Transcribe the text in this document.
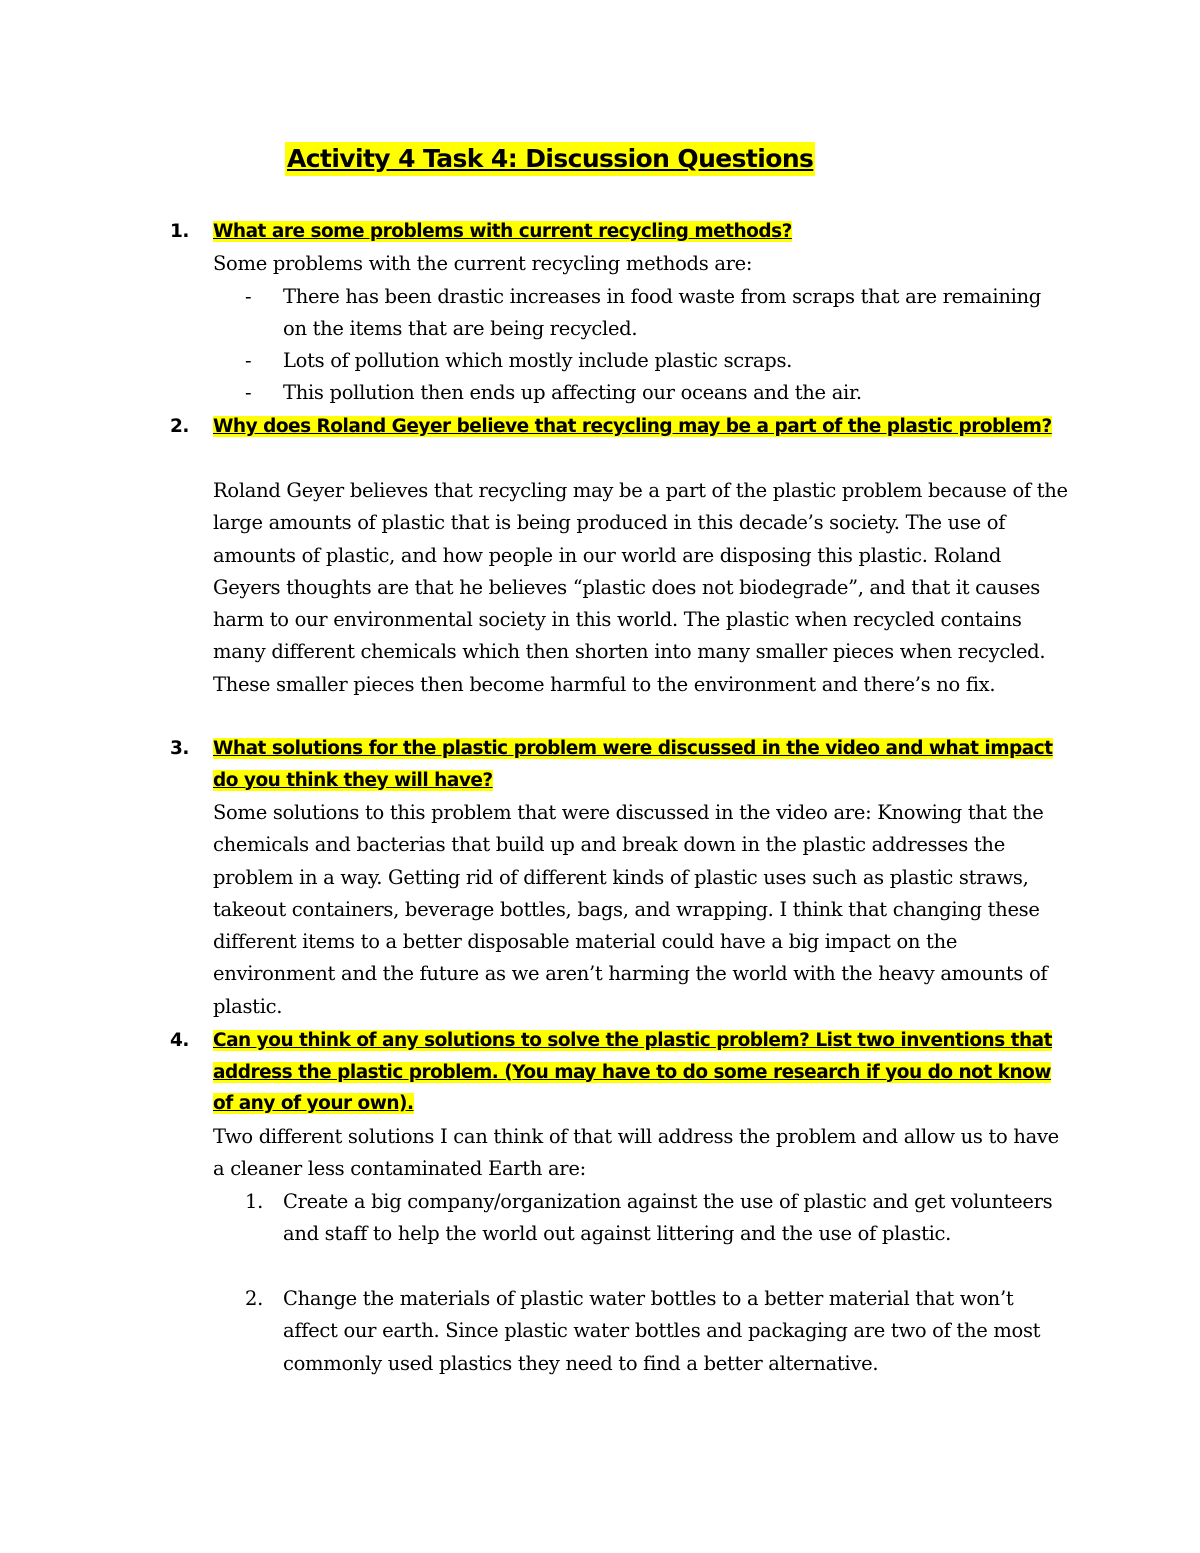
Activity 4 Task 4: Discussion Questions
1. What are some problems with current recycling methods?
Some problems with the current recycling methods are:
- There has been drastic increases in food waste from scraps that are remaining on the items that are being recycled.
- Lots of pollution which mostly include plastic scraps.
- This pollution then ends up affecting our oceans and the air.
2. Why does Roland Geyer believe that recycling may be a part of the plastic problem?
Roland Geyer believes that recycling may be a part of the plastic problem because of the large amounts of plastic that is being produced in this decade’s society. The use of amounts of plastic, and how people in our world are disposing this plastic. Roland Geyers thoughts are that he believes “plastic does not biodegrade”, and that it causes harm to our environmental society in this world. The plastic when recycled contains many different chemicals which then shorten into many smaller pieces when recycled. These smaller pieces then become harmful to the environment and there’s no fix.
3. What solutions for the plastic problem were discussed in the video and what impact do you think they will have?
Some solutions to this problem that were discussed in the video are: Knowing that the chemicals and bacterias that build up and break down in the plastic addresses the problem in a way. Getting rid of different kinds of plastic uses such as plastic straws, takeout containers, beverage bottles, bags, and wrapping. I think that changing these different items to a better disposable material could have a big impact on the environment and the future as we aren’t harming the world with the heavy amounts of plastic.
4. Can you think of any solutions to solve the plastic problem? List two inventions that address the plastic problem. (You may have to do some research if you do not know of any of your own).
Two different solutions I can think of that will address the problem and allow us to have a cleaner less contaminated Earth are:
1. Create a big company/organization against the use of plastic and get volunteers and staff to help the world out against littering and the use of plastic.
2. Change the materials of plastic water bottles to a better material that won’t affect our earth. Since plastic water bottles and packaging are two of the most commonly used plastics they need to find a better alternative.
